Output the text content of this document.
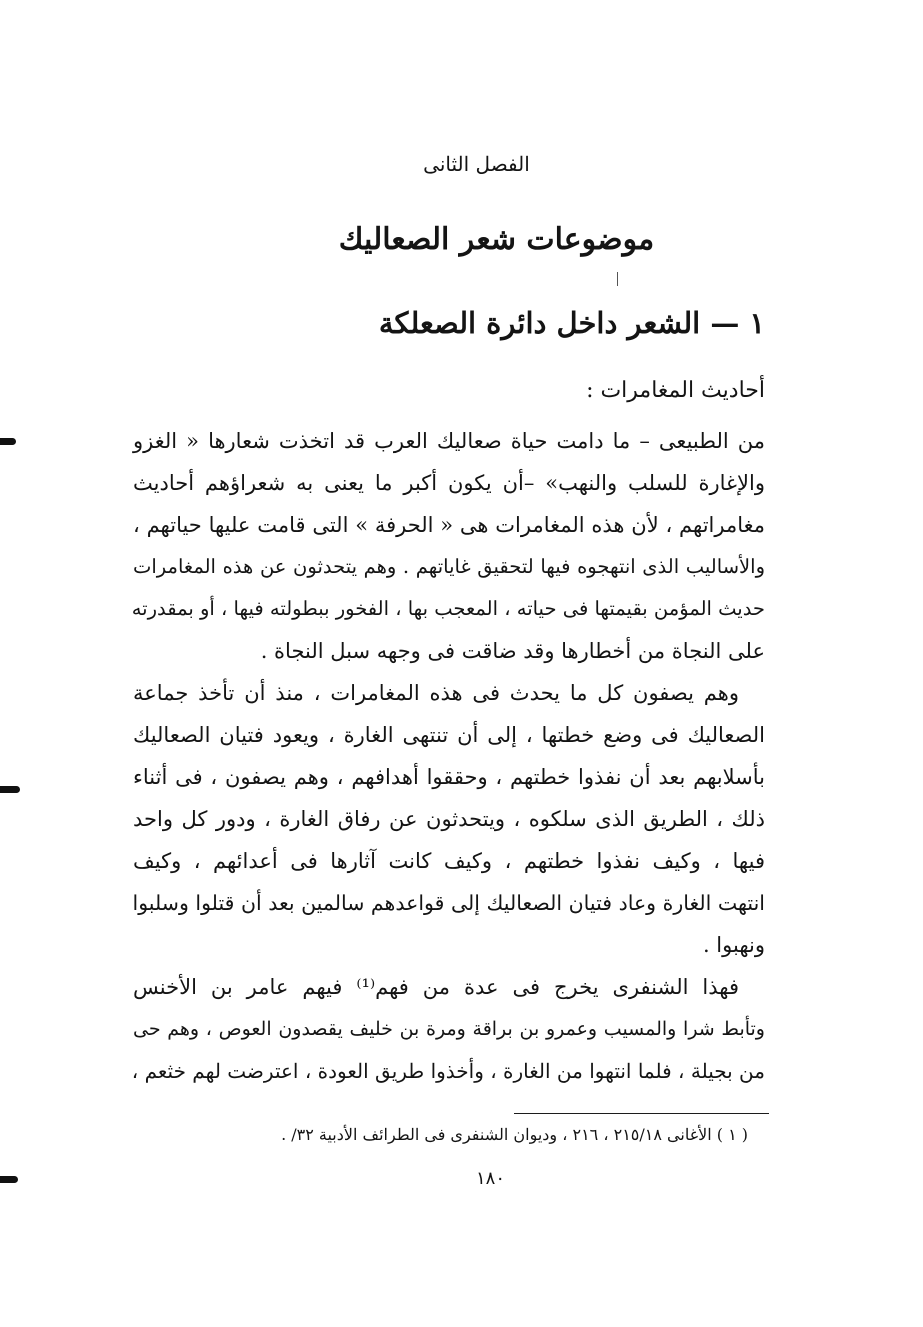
الفصل الثانى
موضوعات شعر الصعاليك
١ — الشعر داخل دائرة الصعلكة
أحاديث المغامرات :
من الطبيعى – ما دامت حياة صعاليك العرب قد اتخذت شعارها « الغزو
والإغارة للسلب والنهب» –أن يكون أكبر ما يعنى به شعراؤهم أحاديث
مغامراتهم ، لأن هذه المغامرات هى « الحرفة » التى قامت عليها حياتهم ،
والأساليب الذى انتهجوه فيها لتحقيق غاياتهم . وهم يتحدثون عن هذه المغامرات
حديث المؤمن بقيمتها فى حياته ، المعجب بها ، الفخور ببطولته فيها ، أو بمقدرته
على النجاة من أخطارها وقد ضاقت فى وجهه سبل النجاة .
وهم يصفون كل ما يحدث فى هذه المغامرات ، منذ أن تأخذ جماعة
الصعاليك فى وضع خطتها ، إلى أن تنتهى الغارة ، ويعود فتيان الصعاليك
بأسلابهم بعد أن نفذوا خطتهم ، وحققوا أهدافهم ، وهم يصفون ، فى أثناء
ذلك ، الطريق الذى سلكوه ، ويتحدثون عن رفاق الغارة ، ودور كل واحد
فيها ، وكيف نفذوا خطتهم ، وكيف كانت آثارها فى أعدائهم ، وكيف
انتهت الغارة وعاد فتيان الصعاليك إلى قواعدهم سالمين بعد أن قتلوا وسلبوا
ونهبوا .
فهذا الشنفرى يخرج فى عدة من فهم⁽¹⁾ فيهم عامر بن الأخنس
وتأبط شرا والمسيب وعمرو بن براقة ومرة بن خليف يقصدون العوص ، وهم حى
من بجيلة ، فلما انتهوا من الغارة ، وأخذوا طريق العودة ، اعترضت لهم خثعم ،
( ١ ) الأغانى ٢١٥/١٨ ، ٢١٦ ، وديوان الشنفرى فى الطرائف الأدبية ٣٢/ .
١٨٠
